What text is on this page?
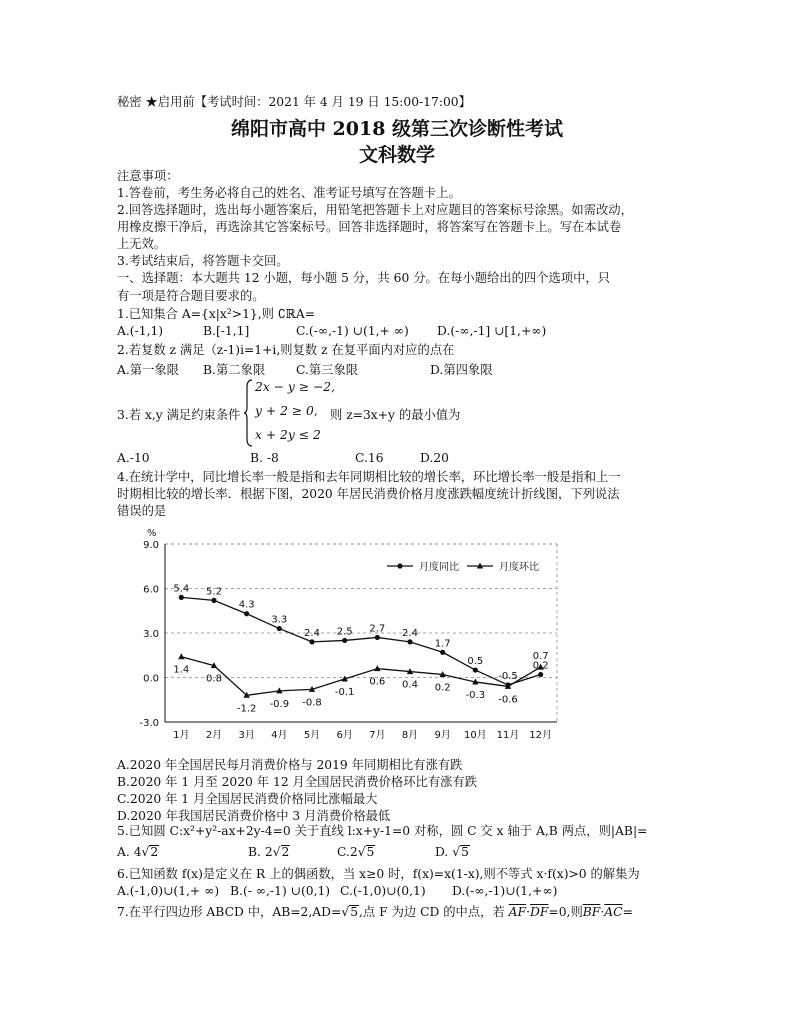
秘密 ★启用前【考试时间：2021 年 4 月 19 日 15:00-17:00】
绵阳市高中 2018 级第三次诊断性考试
文科数学
注意事项：
1.答卷前，考生务必将自己的姓名、准考证号填写在答题卡上。
2.回答选择题时，选出每小题答案后，用铅笔把答题卡上对应题目的答案标号涂黑。如需改动，
用橡皮擦干净后，再选涂其它答案标号。回答非选择题时，将答案写在答题卡上。写在本试卷
上无效。
3.考试结束后，将答题卡交回。
一、选择题：本大题共 12 小题，每小题 5 分，共 60 分。在每小题给出的四个选项中，只
有一项是符合题目要求的。
1.已知集合 A={x|x²>1},则 ∁ℝA=
A.(-1,1)	B.[-1,1]	C.(-∞,-1) ∪(1,+ ∞) D.(-∞,-1] ∪[1,+∞)
2.若复数 z 满足（z-1)i=1+i,则复数 z 在复平面内对应的点在
A.第一象限 B.第二象限	C.第三象限	D.第四象限
3.若 x,y 满足约束条件
2x − y ≥ −2,
y + 2 ≥ 0,
x + 2y ≤ 2
则 z=3x+y 的最小值为
A.-10	B. -8	C.16	D.20
4.在统计学中，同比增长率一般是指和去年同期相比较的增长率，环比增长率一般是指和上一
时期相比较的增长率．根据下图，2020 年居民消费价格月度涨跌幅度统计折线图，下列说法
错误的是
%
9.0
6.0
3.0
0.0
-3.0
1月 2月 3月 4月 5月 6月 7月 8月 9月 10月 11月 12月
5.4 5.2
4.3
3.3
2.4 2.5 2.7 2.4
1.7
0.5
-0.5
0.2
1.4
0.8
-1.2 -0.9 -0.8
-0.1
0.6 0.4 0.2
-0.3 -0.6
0.7
月度同比	月度环比
A.2020 年全国居民每月消费价格与 2019 年同期相比有涨有跌
B.2020 年 1 月至 2020 年 12 月全国居民消费价格环比有涨有跌
C.2020 年 1 月全国居民消费价格同比涨幅最大
D.2020 年我国居民消费价格中 3 月消费价格最低
5.已知圆 C:x²+y²-ax+2y-4=0 关于直线 l:x+y-1=0 对称，圆 C 交 x 轴于 A,B 两点，则|AB|=
A. 4√2	B. 2√2	C.2√5	D. √5
6.已知函数 f(x)是定义在 R 上的偶函数，当 x≥0 时，f(x)=x(1-x),则不等式 x·f(x)>0 的解集为
A.(-1,0)∪(1,+ ∞) B.(- ∞,-1) ∪(0,1) C.(-1,0)∪(0,1) D.(-∞,-1)∪(1,+∞)
7.在平行四边形 ABCD 中，AB=2,AD=√5,点 F 为边 CD 的中点，若 $\overline{AF}\cdot\overline{DF}=0$,则$\overline{BF}\cdot\overline{AC}=$
